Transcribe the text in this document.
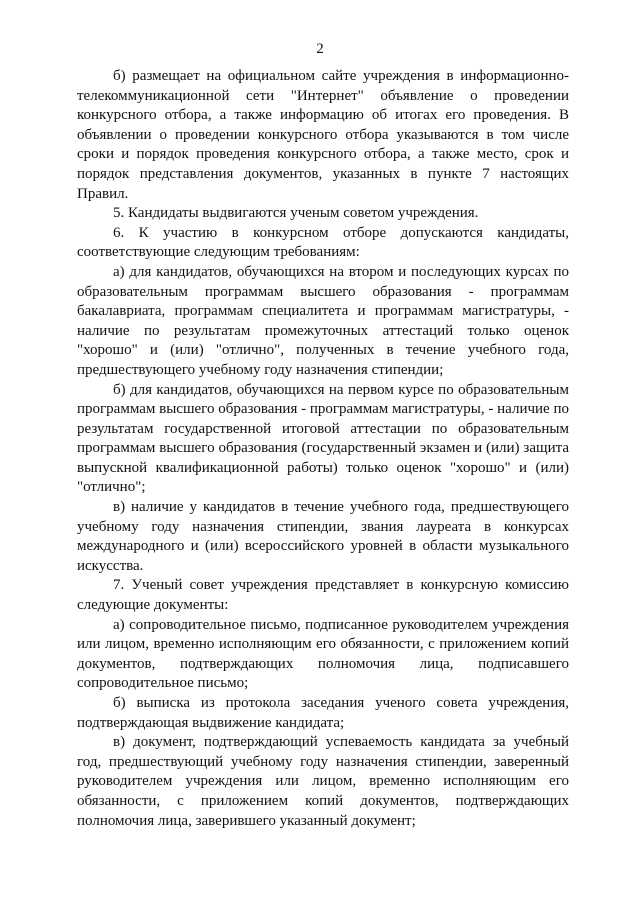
2

б) размещает на официальном сайте учреждения в информационно-телекоммуникационной сети "Интернет" объявление о проведении конкурсного отбора, а также информацию об итогах его проведения. В объявлении о проведении конкурсного отбора указываются в том числе сроки и порядок проведения конкурсного отбора, а также место, срок и порядок представления документов, указанных в пункте 7 настоящих Правил.

5. Кандидаты выдвигаются ученым советом учреждения.

6. К участию в конкурсном отборе допускаются кандидаты, соответствующие следующим требованиям:

а) для кандидатов, обучающихся на втором и последующих курсах по образовательным программам высшего образования - программам бакалавриата, программам специалитета и программам магистратуры, - наличие по результатам промежуточных аттестаций только оценок "хорошо" и (или) "отлично", полученных в течение учебного года, предшествующего учебному году назначения стипендии;

б) для кандидатов, обучающихся на первом курсе по образовательным программам высшего образования - программам магистратуры, - наличие по результатам государственной итоговой аттестации по образовательным программам высшего образования (государственный экзамен и (или) защита выпускной квалификационной работы) только оценок "хорошо" и (или) "отлично";

в) наличие у кандидатов в течение учебного года, предшествующего учебному году назначения стипендии, звания лауреата в конкурсах международного и (или) всероссийского уровней в области музыкального искусства.

7. Ученый совет учреждения представляет в конкурсную комиссию следующие документы:

а) сопроводительное письмо, подписанное руководителем учреждения или лицом, временно исполняющим его обязанности, с приложением копий документов, подтверждающих полномочия лица, подписавшего сопроводительное письмо;

б) выписка из протокола заседания ученого совета учреждения, подтверждающая выдвижение кандидата;

в) документ, подтверждающий успеваемость кандидата за учебный год, предшествующий учебному году назначения стипендии, заверенный руководителем учреждения или лицом, временно исполняющим его обязанности, с приложением копий документов, подтверждающих полномочия лица, заверившего указанный документ;
